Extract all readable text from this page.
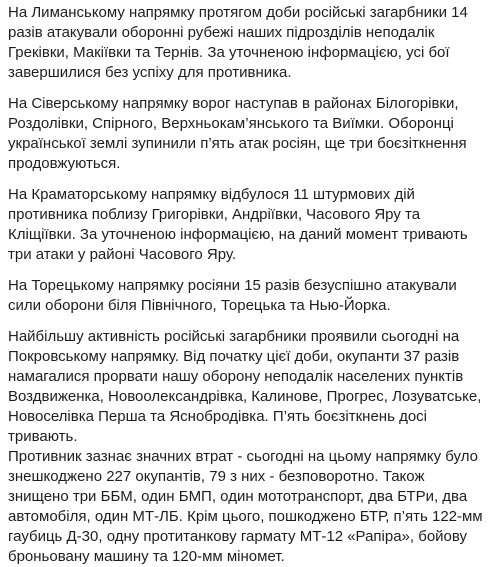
На Лиманському напрямку протягом доби російські загарбники 14 разів атакували оборонні рубежі наших підрозділів неподалік Греківки, Макіївки та Тернів. За уточненою інформацією, усі бої завершилися без успіху для противника.

На Сіверському напрямку ворог наступав в районах Білогорівки, Роздолівки, Спірного, Верхньокам’янського та Виїмки. Оборонці української землі зупинили п’ять атак росіян, ще три боєзіткнення продовжуються.

На Краматорському напрямку відбулося 11 штурмових дій противника поблизу Григорівки, Андріївки, Часового Яру та Кліщіївки. За уточненою інформацією, на даний момент тривають три атаки у районі Часового Яру.

На Торецькому напрямку росіяни 15 разів безуспішно атакували сили оборони біля Північного, Торецька та Нью-Йорка.

Найбільшу активність російські загарбники проявили сьогодні на Покровському напрямку. Від початку цієї доби, окупанти 37 разів намагалися прорвати нашу оборону неподалік населених пунктів Воздвиженка, Новоолександрівка, Калинове, Прогрес, Лозуватське, Новоселівка Перша та Яснобродівка. П’ять боєзіткнень досі тривають.

Противник зазнає значних втрат - сьогодні на цьому напрямку було знешкоджено 227 окупантів, 79 з них - безповоротно. Також знищено три ББМ, один БМП, один мототранспорт, два БТРи, два автомобіля, один МТ-ЛБ. Крім цього, пошкоджено БТР, п’ять 122-мм гаубиць Д-30, одну протитанкову гармату МТ-12 «Рапіра», бойову броньовану машину та 120-мм міномет.
